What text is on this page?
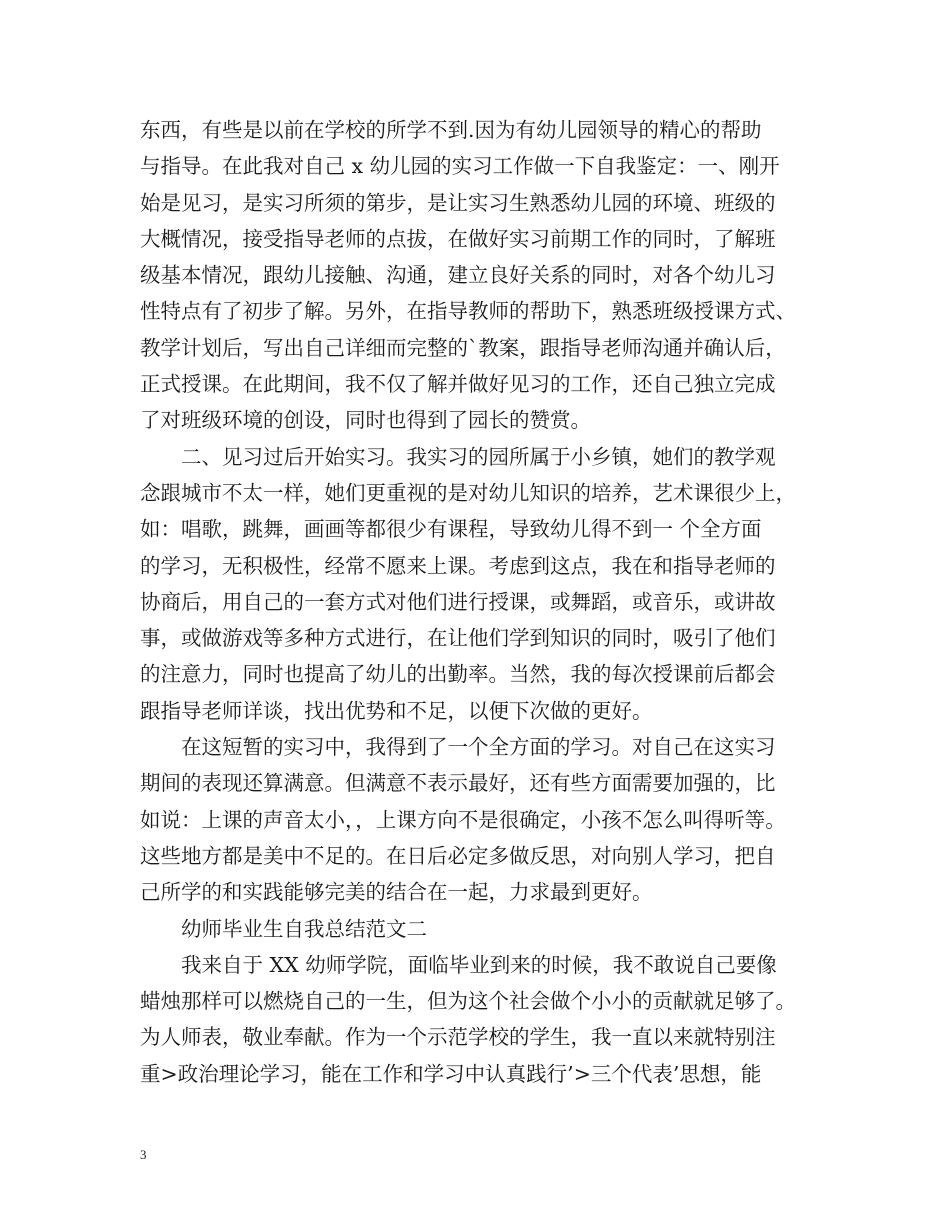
东西，有些是以前在学校的所学不到.因为有幼儿园领导的精心的帮助
与指导。在此我对自己 x 幼儿园的实习工作做一下自我鉴定：一、刚开
始是见习，是实习所须的第步，是让实习生熟悉幼儿园的环境、班级的
大概情况，接受指导老师的点拔，在做好实习前期工作的同时，了解班
级基本情况，跟幼儿接触、沟通，建立良好关系的同时，对各个幼儿习
性特点有了初步了解。另外，在指导教师的帮助下，熟悉班级授课方式、
教学计划后，写出自己详细而完整的`教案，跟指导老师沟通并确认后，
正式授课。在此期间，我不仅了解并做好见习的工作，还自己独立完成
了对班级环境的创设，同时也得到了园长的赞赏。
　　二、见习过后开始实习。我实习的园所属于小乡镇，她们的教学观
念跟城市不太一样，她们更重视的是对幼儿知识的培养，艺术课很少上，
如：唱歌，跳舞，画画等都很少有课程，导致幼儿得不到一 个全方面
的学习，无积极性，经常不愿来上课。考虑到这点，我在和指导老师的
协商后，用自己的一套方式对他们进行授课，或舞蹈，或音乐，或讲故
事，或做游戏等多种方式进行，在让他们学到知识的同时，吸引了他们
的注意力，同时也提高了幼儿的出勤率。当然，我的每次授课前后都会
跟指导老师详谈，找出优势和不足，以便下次做的更好。
　　在这短暂的实习中，我得到了一个全方面的学习。对自己在这实习
期间的表现还算满意。但满意不表示最好，还有些方面需要加强的，比
如说：上课的声音太小，，上课方向不是很确定，小孩不怎么叫得听等。
这些地方都是美中不足的。在日后必定多做反思，对向别人学习，把自
己所学的和实践能够完美的结合在一起，力求最到更好。
　　幼师毕业生自我总结范文二
　　我来自于 XX 幼师学院，面临毕业到来的时候，我不敢说自己要像
蜡烛那样可以燃烧自己的一生，但为这个社会做个小小的贡献就足够了。
为人师表，敬业奉献。作为一个示范学校的学生，我一直以来就特别注
重>政治理论学习，能在工作和学习中认真践行’>三个代表’思想，能
3
